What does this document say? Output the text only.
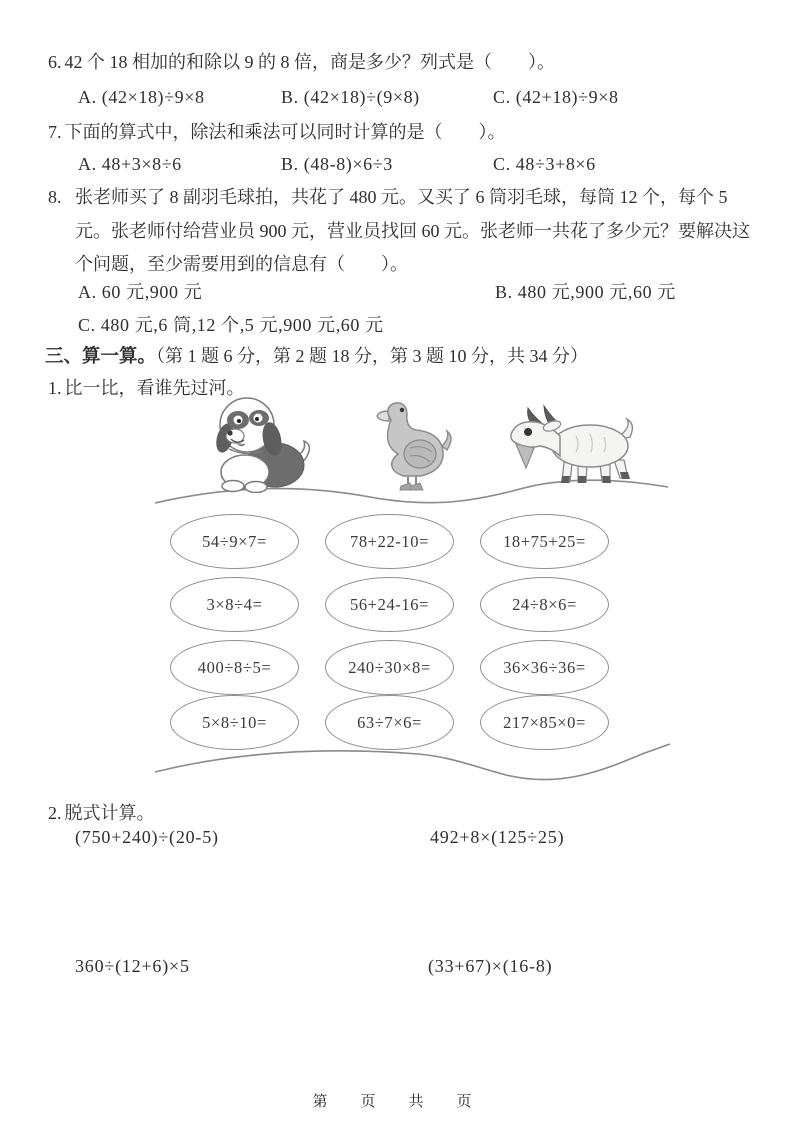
6. 42 个 18 相加的和除以 9 的 8 倍，商是多少？列式是（　　）。
A. (42×18)÷9×8	B. (42×18)÷(9×8)	C. (42+18)÷9×8
7. 下面的算式中，除法和乘法可以同时计算的是（　　）。
A. 48+3×8÷6	B. (48-8)×6÷3	C. 48÷3+8×6
8. 张老师买了 8 副羽毛球拍，共花了 480 元。又买了 6 筒羽毛球，每筒 12 个，每个 5 元。张老师付给营业员 900 元，营业员找回 60 元。张老师一共花了多少元？要解决这个问题，至少需要用到的信息有（　　）。
A. 60 元,900 元	B. 480 元,900 元,60 元
C. 480 元,6 筒,12 个,5 元,900 元,60 元
三、算一算。（第 1 题 6 分，第 2 题 18 分，第 3 题 10 分，共 34 分）
1. 比一比，看谁先过河。
54÷9×7=	78+22-10=	18+75+25=
3×8÷4=	56+24-16=	24÷8×6=
400÷8÷5=	240÷30×8=	36×36÷36=
5×8÷10=	63÷7×6=	217×85×0=
2. 脱式计算。
(750+240)÷(20-5)	492+8×(125÷25)
360÷(12+6)×5	(33+67)×(16-8)
第　页　共　页
